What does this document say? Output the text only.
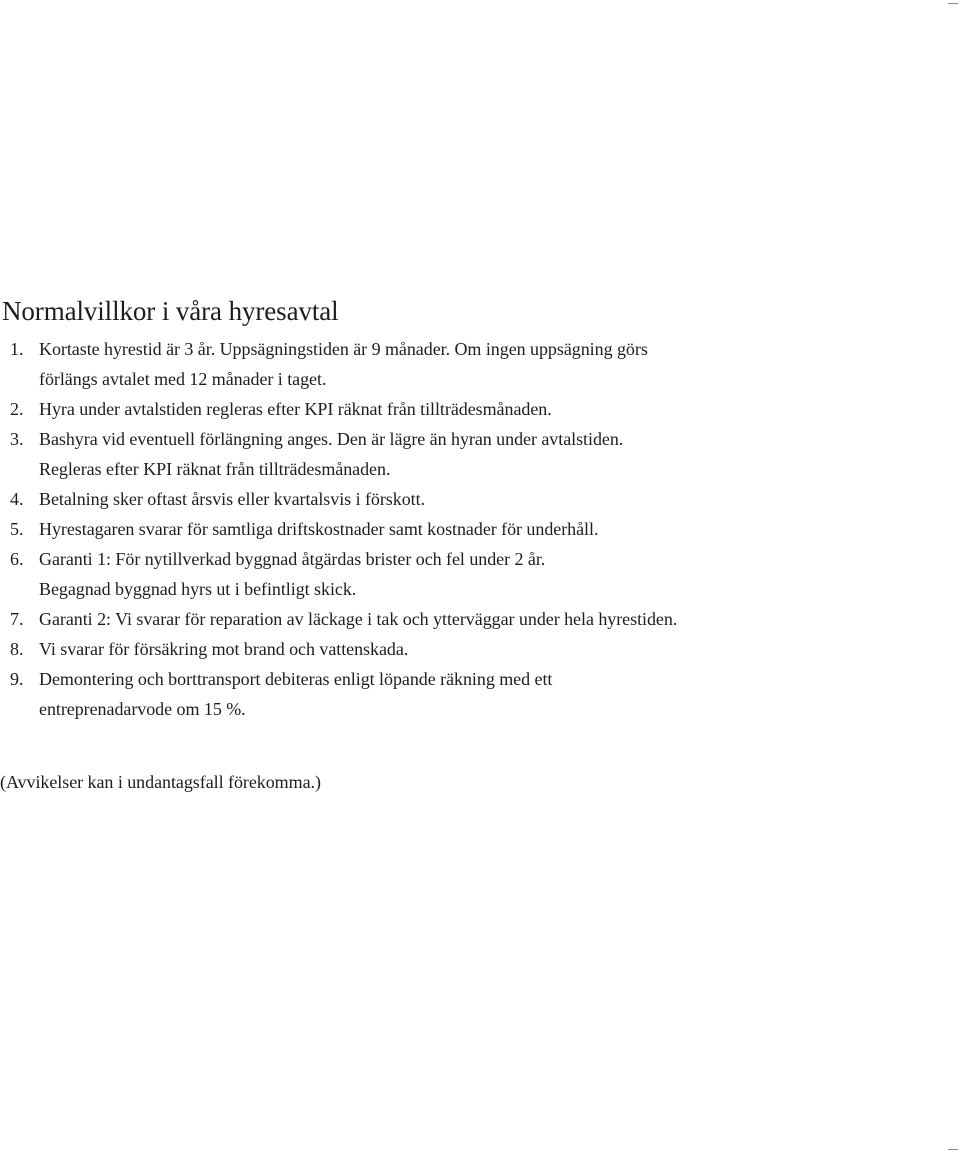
Normalvillkor i våra hyresavtal
1. Kortaste hyrestid är 3 år. Uppsägningstiden är 9 månader. Om ingen uppsägning görs
förlängs avtalet med 12 månader i taget.
2. Hyra under avtalstiden regleras efter KPI räknat från tillträdesmånaden.
3. Bashyra vid eventuell förlängning anges. Den är lägre än hyran under avtalstiden.
Regleras efter KPI räknat från tillträdesmånaden.
4. Betalning sker oftast årsvis eller kvartalsvis i förskott.
5. Hyrestagaren svarar för samtliga driftskostnader samt kostnader för underhåll.
6. Garanti 1: För nytillverkad byggnad åtgärdas brister och fel under 2 år.
Begagnad byggnad hyrs ut i befintligt skick.
7. Garanti 2: Vi svarar för reparation av läckage i tak och ytterväggar under hela hyrestiden.
8. Vi svarar för försäkring mot brand och vattenskada.
9. Demontering och borttransport debiteras enligt löpande räkning med ett
entreprenadarvode om 15 %.

(Avvikelser kan i undantagsfall förekomma.)
